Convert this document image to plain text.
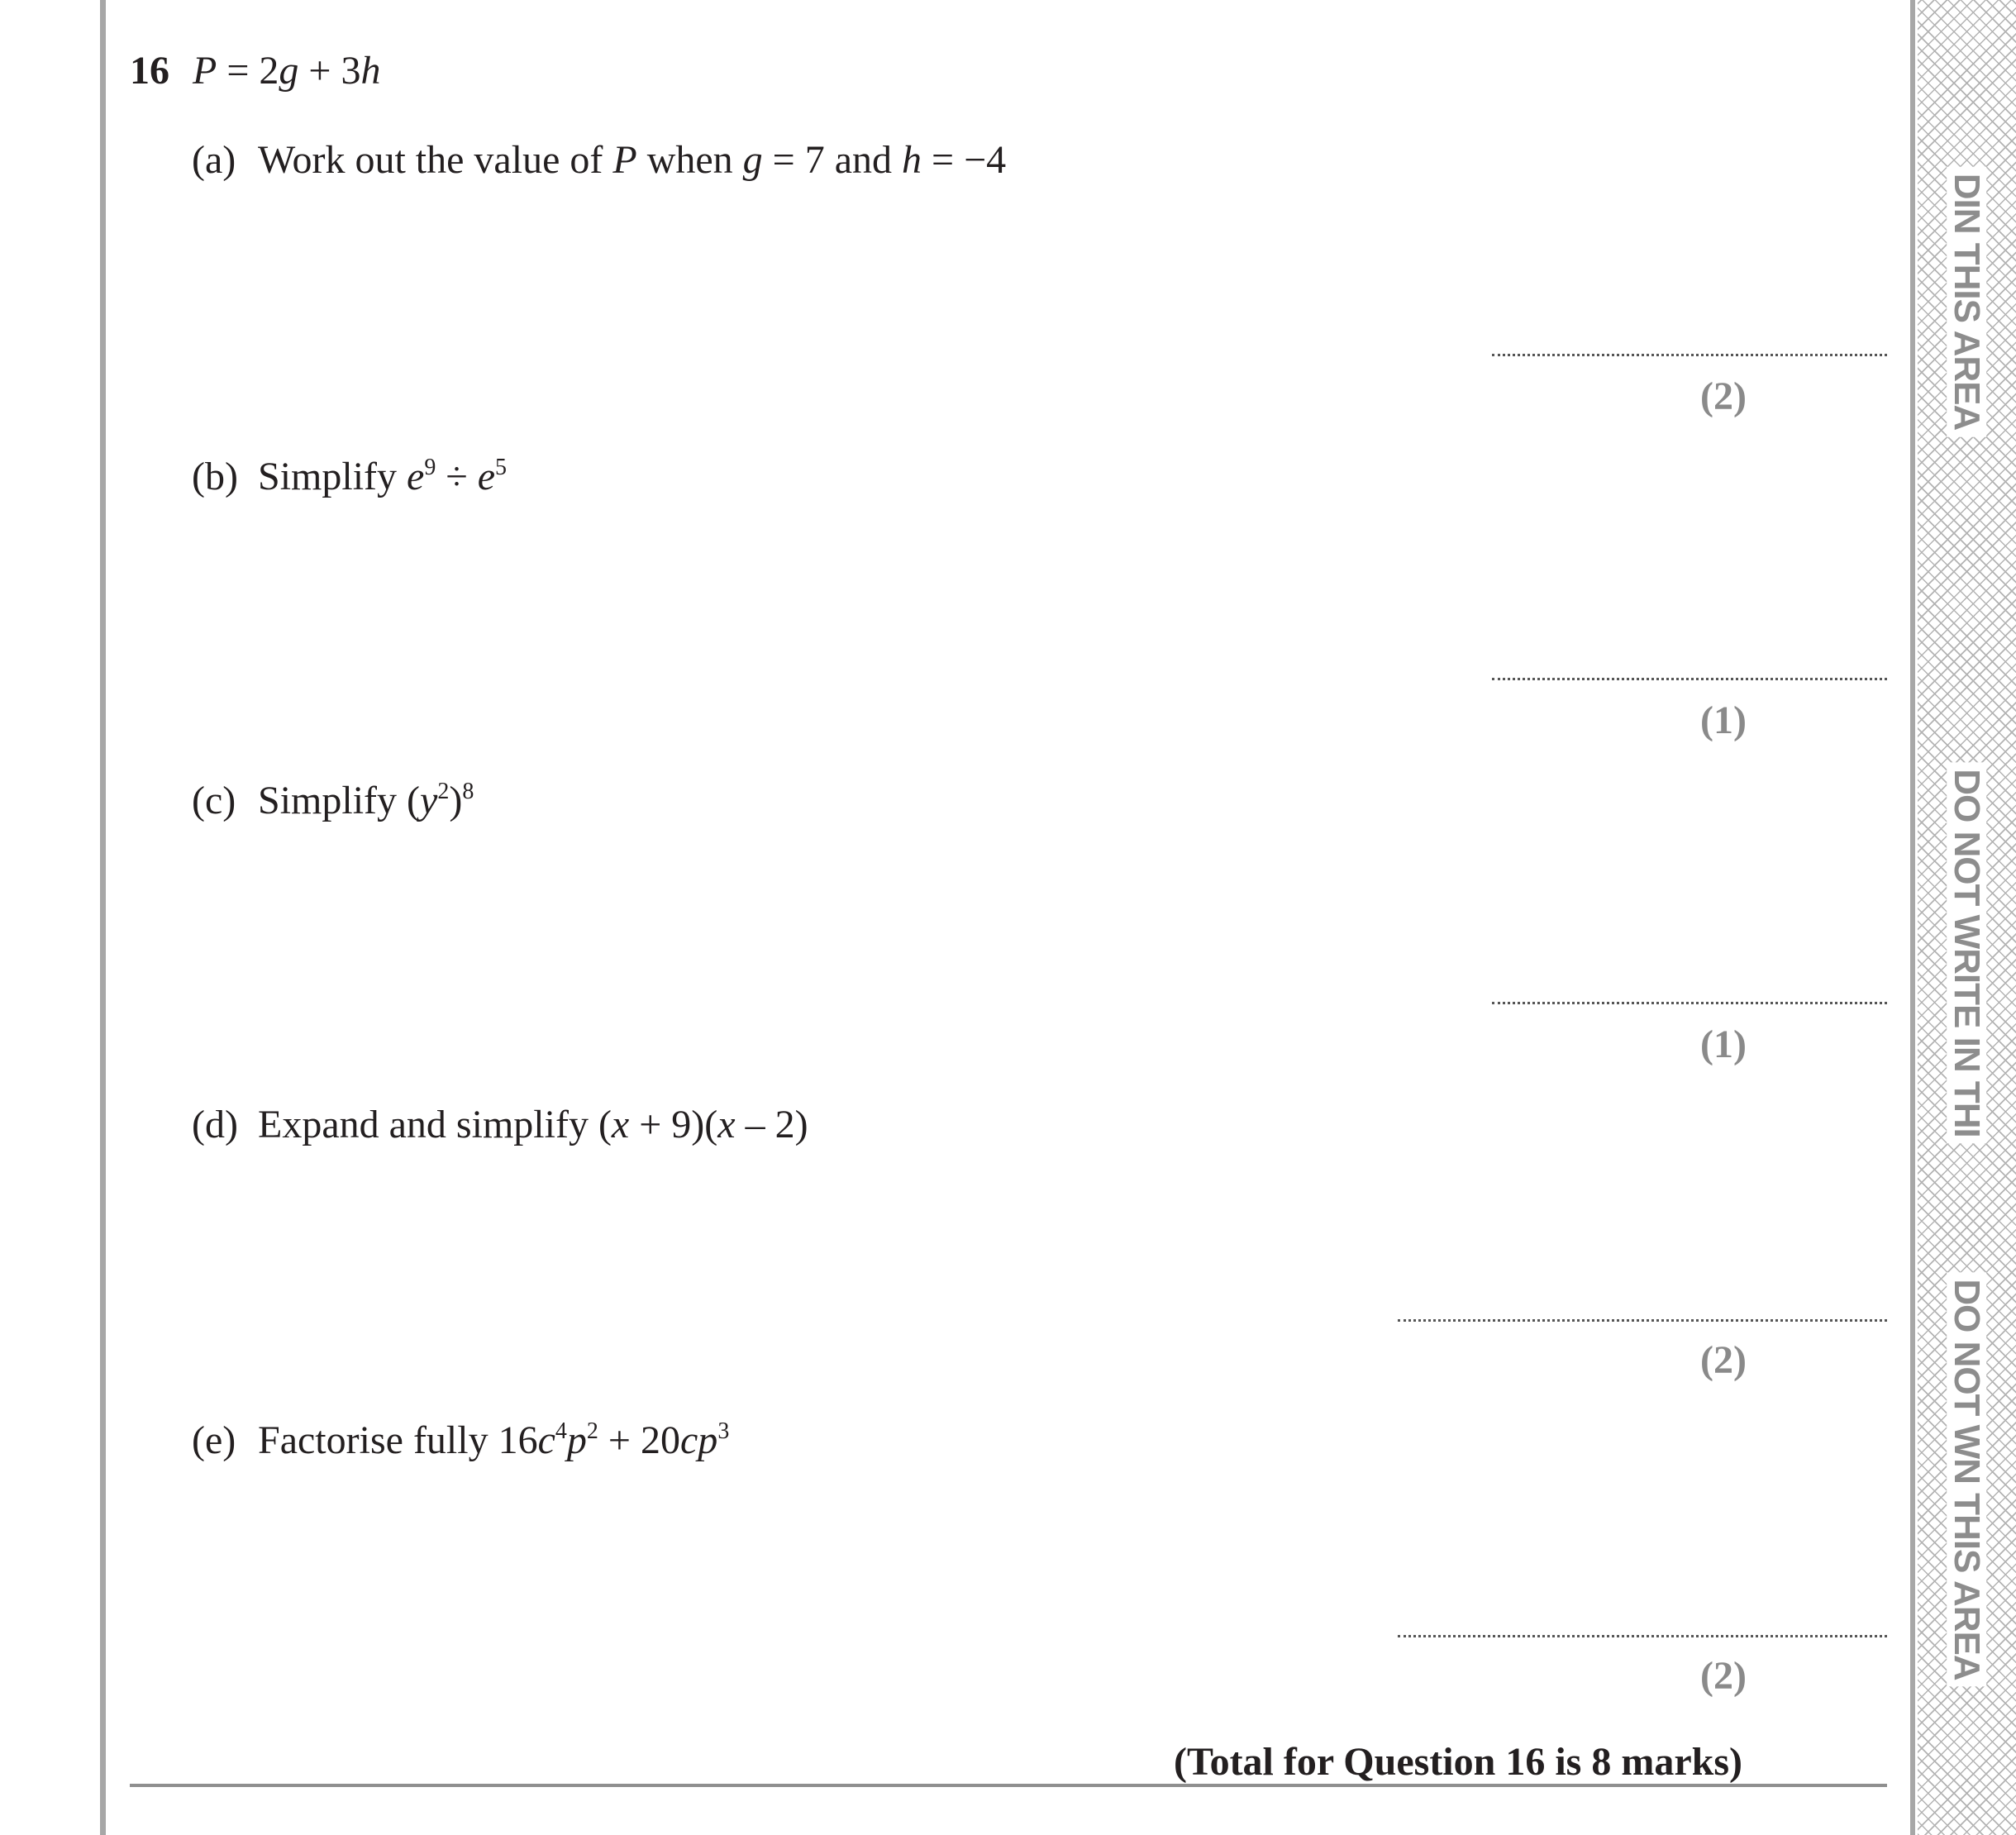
DIN THIS AREA
DO NOT WRITE IN THI
DO NOT WN THIS AREA
16 P = 2g + 3h
(a) Work out the value of P when g = 7 and h = −4
(2)
(b) Simplify $e^9 \div e^5$
(1)
(c) Simplify $(y^2)^8$
(1)
(d) Expand and simplify (x + 9)(x – 2)
(2)
(e) Factorise fully $16c^4p^2 + 20cp^3$
(2)
(Total for Question 16 is 8 marks)
